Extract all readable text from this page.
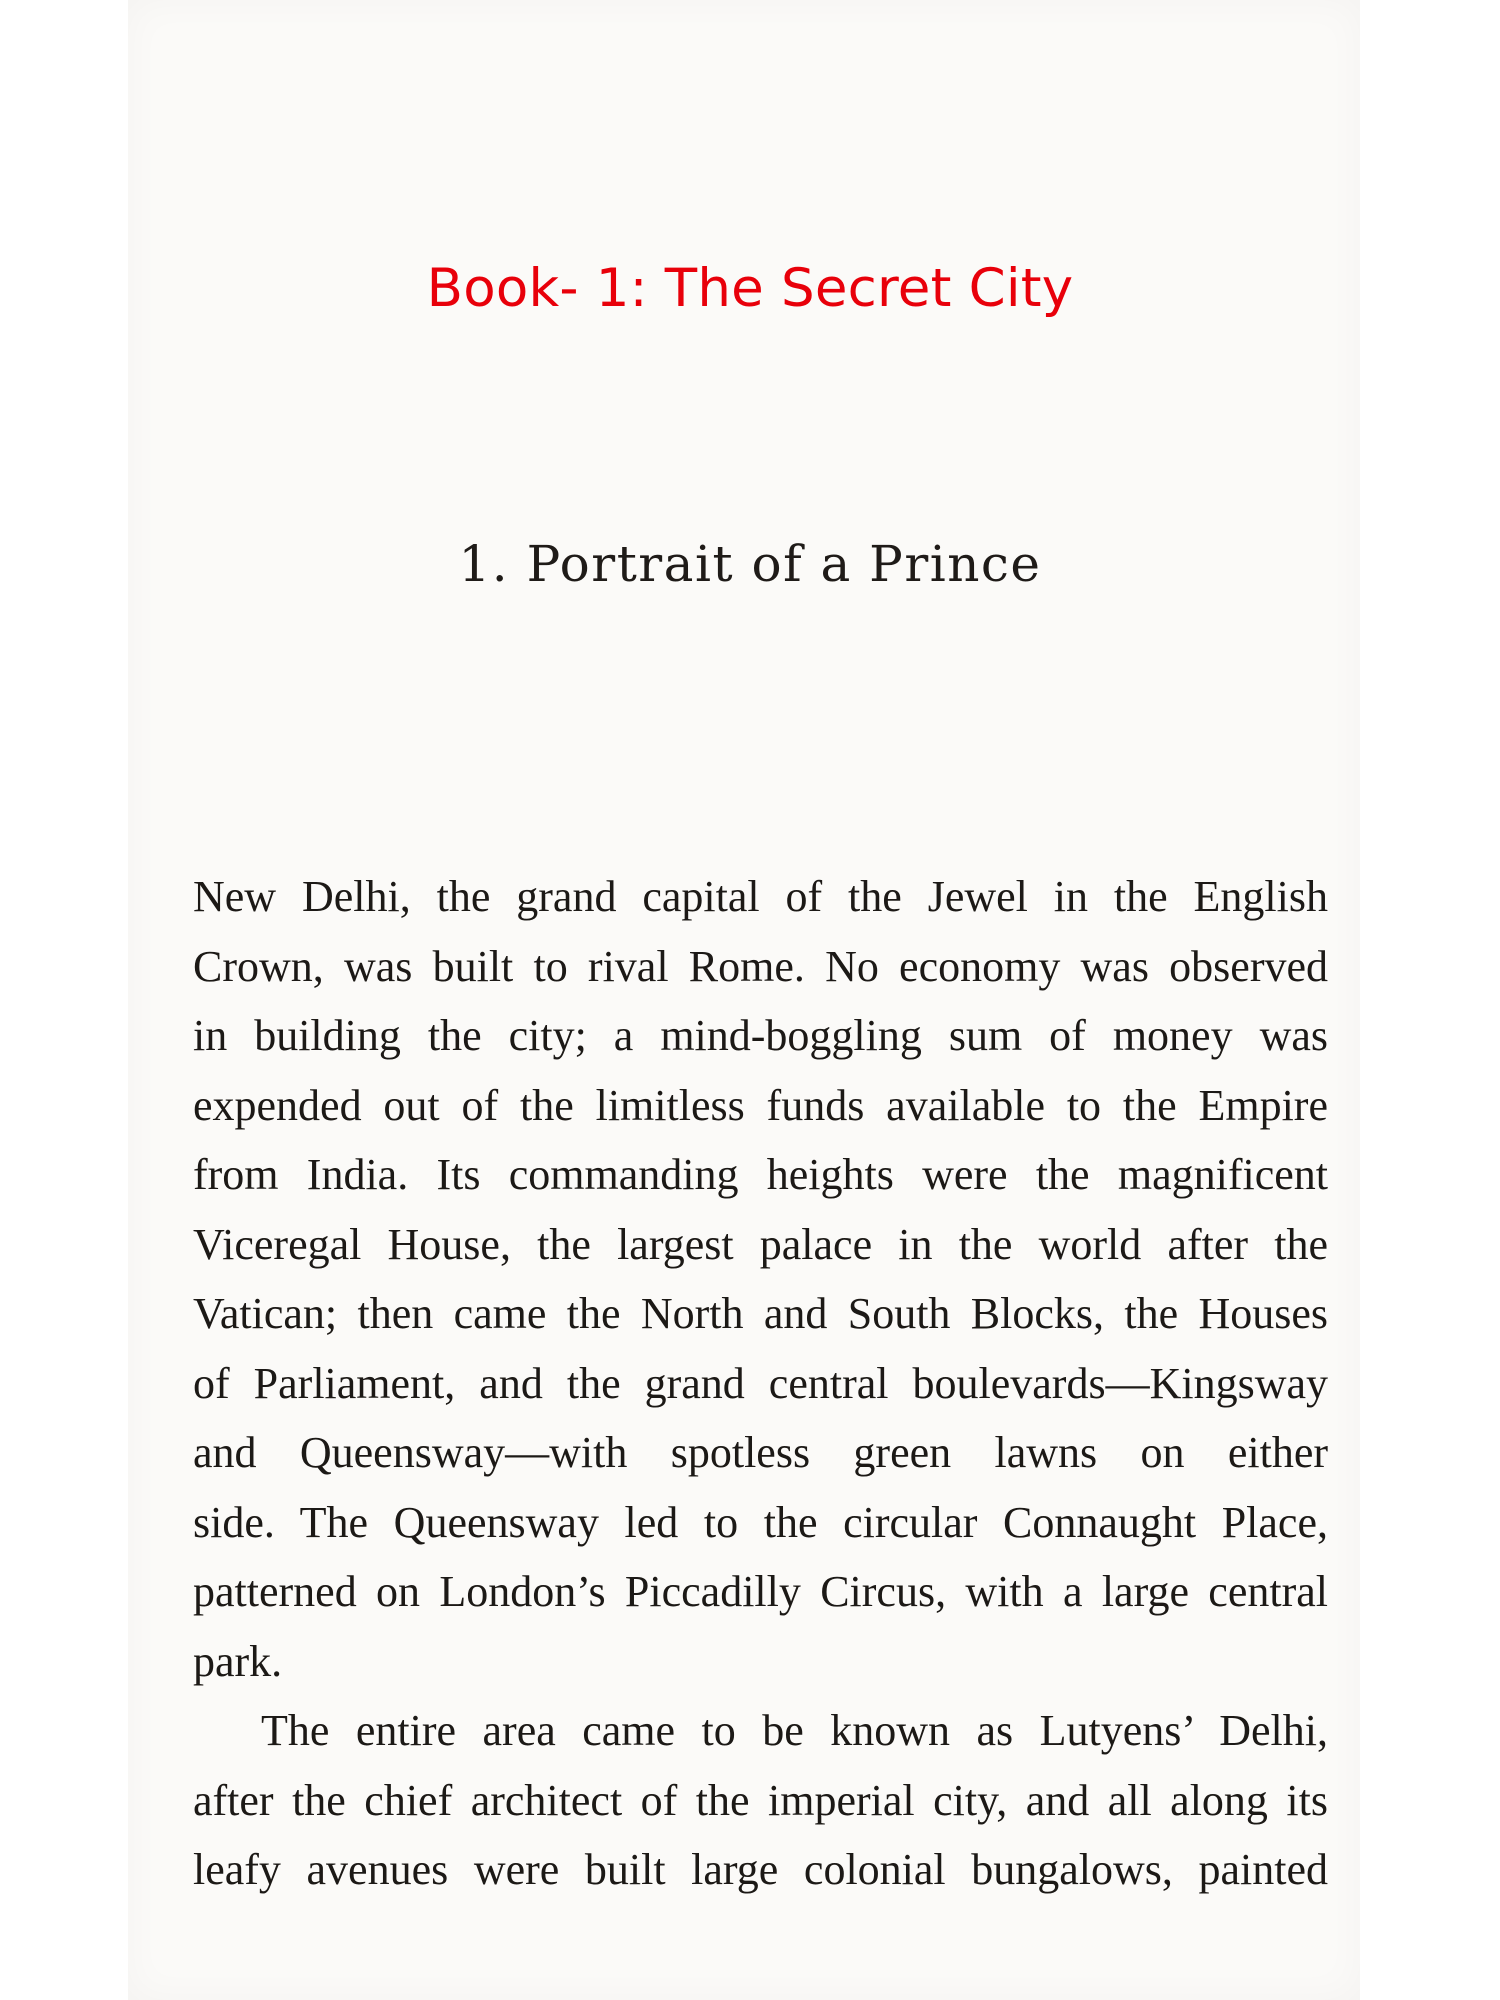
Book- 1: The Secret City
1. Portrait of a Prince

New Delhi, the grand capital of the Jewel in the English
Crown, was built to rival Rome. No economy was observed
in building the city; a mind-boggling sum of money was
expended out of the limitless funds available to the Empire
from India. Its commanding heights were the magnificent
Viceregal House, the largest palace in the world after the
Vatican; then came the North and South Blocks, the Houses
of Parliament, and the grand central boulevards—Kingsway
and Queensway—with spotless green lawns on either
side. The Queensway led to the circular Connaught Place,
patterned on London’s Piccadilly Circus, with a large central
park.

The entire area came to be known as Lutyens’ Delhi,
after the chief architect of the imperial city, and all along its
leafy avenues were built large colonial bungalows, painted
